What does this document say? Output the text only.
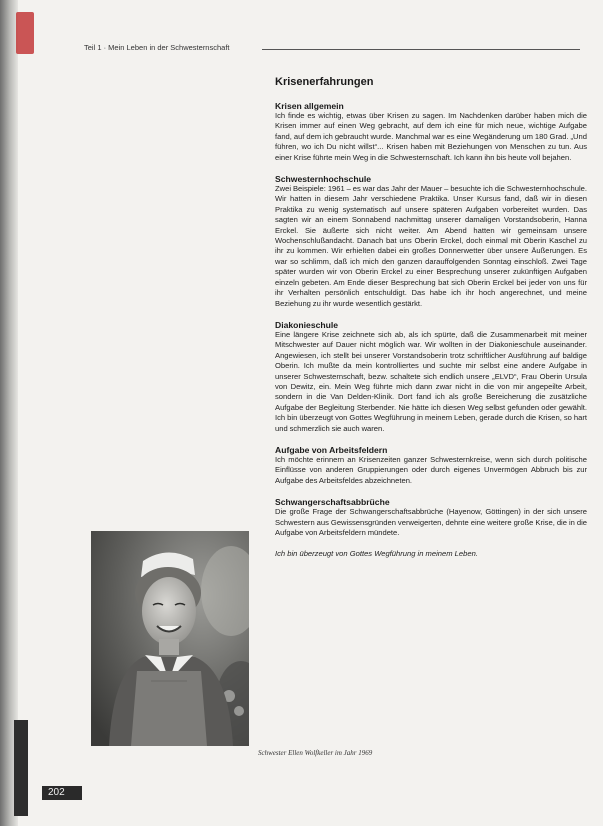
Teil 1 · Mein Leben in der Schwesternschaft
Krisenerfahrungen
Krisen allgemein

Ich finde es wichtig, etwas über Krisen zu sagen. Im Nachdenken darüber haben mich die Krisen immer auf einen Weg gebracht, auf dem ich eine für mich neue, wichtige Aufgabe fand, auf dem ich gebraucht wurde. Manchmal war es eine Wegänderung um 180 Grad. „Und führen, wo ich Du nicht willst“... Krisen haben mit Beziehungen von Menschen zu tun. Aus einer Krise führte mein Weg in die Schwesternschaft. Ich kann ihn bis heute voll bejahen.

Schwesternhochschule

Zwei Beispiele: 1961 – es war das Jahr der Mauer – besuchte ich die Schwesternhochschule. Wir hatten in diesem Jahr verschiedene Praktika. Unser Kursus fand, daß wir in diesen Praktika zu wenig systematisch auf unsere späteren Aufgaben vorbereitet wurden. Das sagten wir an einem Sonnabend nachmittag unserer damaligen Vorstandsoberin, Hanna Erckel. Sie äußerte sich nicht weiter. Am Abend hatten wir gemeinsam unsere Wochenschlußandacht. Danach bat uns Oberin Erckel, doch einmal mit Oberin Kaschel zu ihr zu kommen. Wir erhielten dabei ein großes Donnerwetter über unsere Äußerungen. Es war so schlimm, daß ich mich den ganzen darauffolgenden Sonntag einschloß. Zwei Tage später wurden wir von Oberin Erckel zu einer Besprechung unserer zukünftigen Aufgaben einzeln gebeten. Am Ende dieser Besprechung bat sich Oberin Erckel bei jeder von uns für ihr Verhalten persönlich entschuldigt. Das habe ich ihr hoch angerechnet, und meine Beziehung zu ihr wurde wesentlich gestärkt.

Diakonieschule

Eine längere Krise zeichnete sich ab, als ich spürte, daß die Zusammenarbeit mit meiner Mitschwester auf Dauer nicht möglich war. Wir wollten in der Diakonieschule auseinander. Angewiesen, ich stellt bei unserer Vorstandsoberin trotz schriftlicher Ausführung auf baldige Oberin. Ich mußte da mein kontrolliertes und suchte mir selbst eine andere Aufgabe in unserer Schwesternschaft, bezw. schaltete sich endlich unsere „ELVD“, Frau Oberin Ursula von Dewitz, ein. Mein Weg führte mich dann zwar nicht in die von mir angepeilte Arbeit, sondern in die Van Delden-Klinik. Dort fand ich als große Bereicherung die zusätzliche Aufgabe der Begleitung Sterbender. Nie hätte ich diesen Weg selbst gefunden oder gewählt. Ich bin überzeugt von Gottes Wegführung in meinem Leben, gerade durch die Krisen, so hart und schmerzlich sie auch waren.

Aufgabe von Arbeitsfeldern

Ich möchte erinnern an Krisenzeiten ganzer Schwesternkreise, wenn sich durch politische Einflüsse von anderen Gruppierungen oder durch eigenes Unvermögen Abbruch bis zur Aufgabe des Arbeitsfeldes abzeichneten.

Schwangerschaftsabbrüche

Die große Frage der Schwangerschaftsabbrüche (Hayenow, Göttingen) in der sich unsere Schwestern aus Gewissensgründen verweigerten, dehnte eine weitere große Krise, die in die Aufgabe von Arbeitsfeldern mündete.

Ich bin überzeugt von Gottes Wegführung in meinem Leben.

Schwester Ellen Wolfkeller im Jahr 1969
202
